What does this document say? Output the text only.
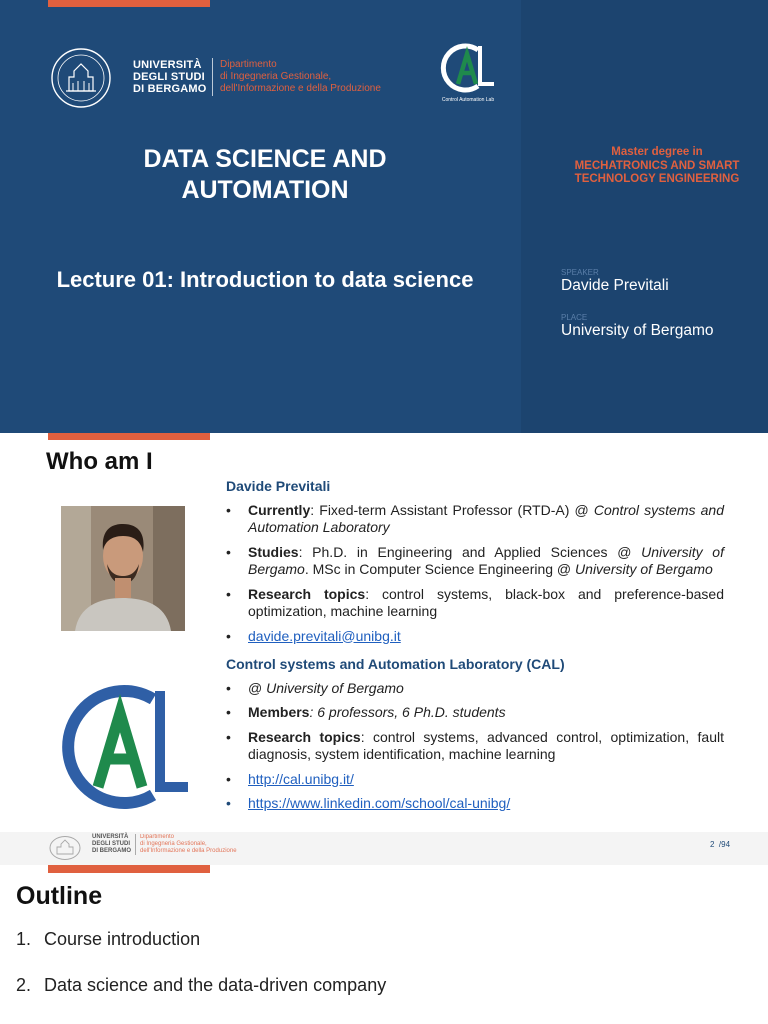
UNIVERSITÀ
DEGLI STUDI
DI BERGAMO
Dipartimento
di Ingegneria Gestionale,
dell'Informazione e della Produzione
Control Automation Lab
DATA SCIENCE AND AUTOMATION
Lecture 01: Introduction to data science
Master degree in
MECHATRONICS AND SMART
TECHNOLOGY ENGINEERING
SPEAKER
Davide Previtali
PLACE
University of Bergamo
Who am I
Davide Previtali
• Currently: Fixed-term Assistant Professor (RTD-A) @ Control systems and Automation Laboratory
• Studies: Ph.D. in Engineering and Applied Sciences @ University of Bergamo. MSc in Computer Science Engineering @ University of Bergamo
• Research topics: control systems, black-box and preference-based optimization, machine learning
• davide.previtali@unibg.it
Control systems and Automation Laboratory (CAL)
• @ University of Bergamo
• Members: 6 professors, 6 Ph.D. students
• Research topics: control systems, advanced control, optimization, fault diagnosis, system identification, machine learning
• http://cal.unibg.it/
• https://www.linkedin.com/school/cal-unibg/
UNIVERSITÀ
DEGLI STUDI
DI BERGAMO
Dipartimento
di Ingegneria Gestionale,
dell'Informazione e della Produzione
2 /94
Outline
1. Course introduction
2. Data science and the data-driven company
